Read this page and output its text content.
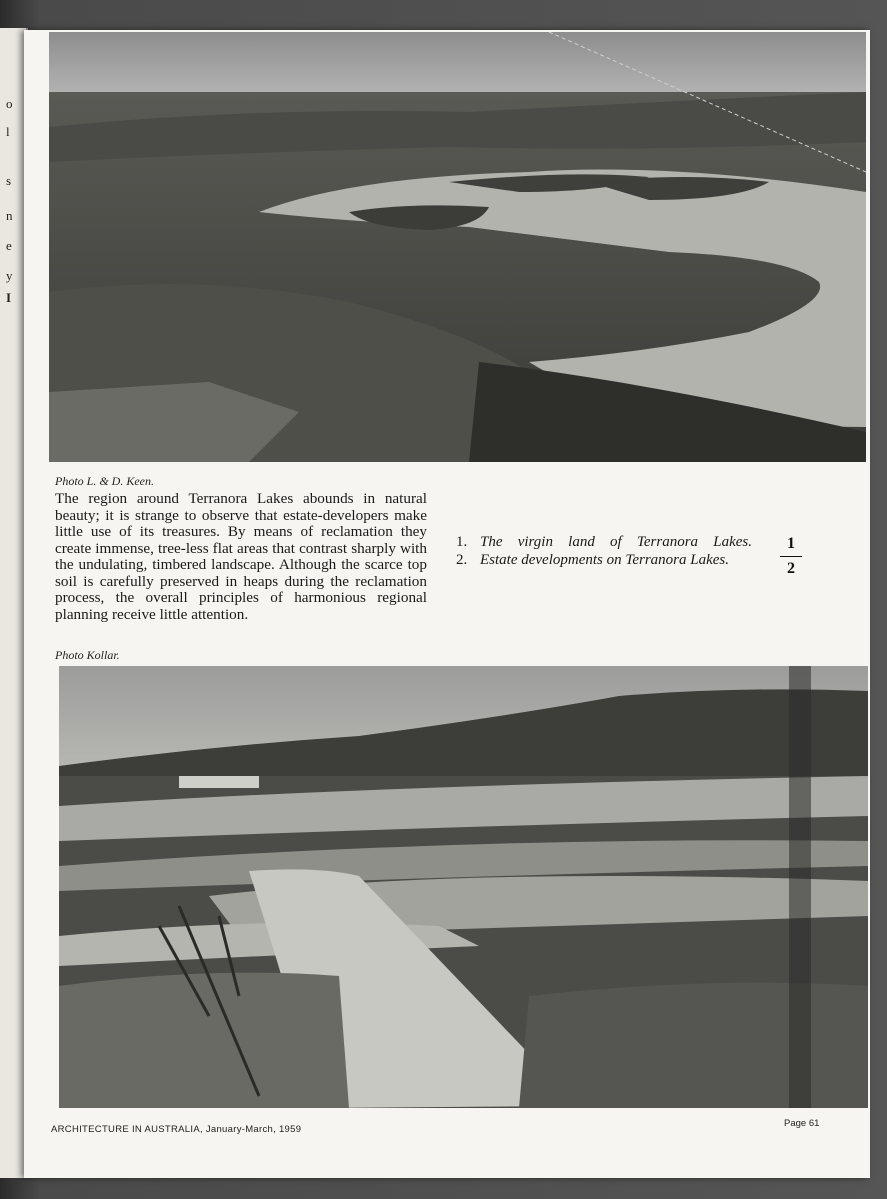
o
l
s
n
e
y
I
Photo L. & D. Keen.

The region around Terranora Lakes abounds in natural beauty; it is strange to observe that estate-developers make little use of its treasures. By means of reclamation they create immense, tree-less flat areas that contrast sharply with the undulating, timbered landscape. Although the scarce top soil is carefully preserved in heaps during the reclamation process, the overall principles of harmonious regional planning receive little attention.

1. The virgin land of Terranora Lakes.
2. Estate developments on Terranora Lakes.
1
2
Photo Kollar.
ARCHITECTURE IN AUSTRALIA, January-March, 1959
Page 61
